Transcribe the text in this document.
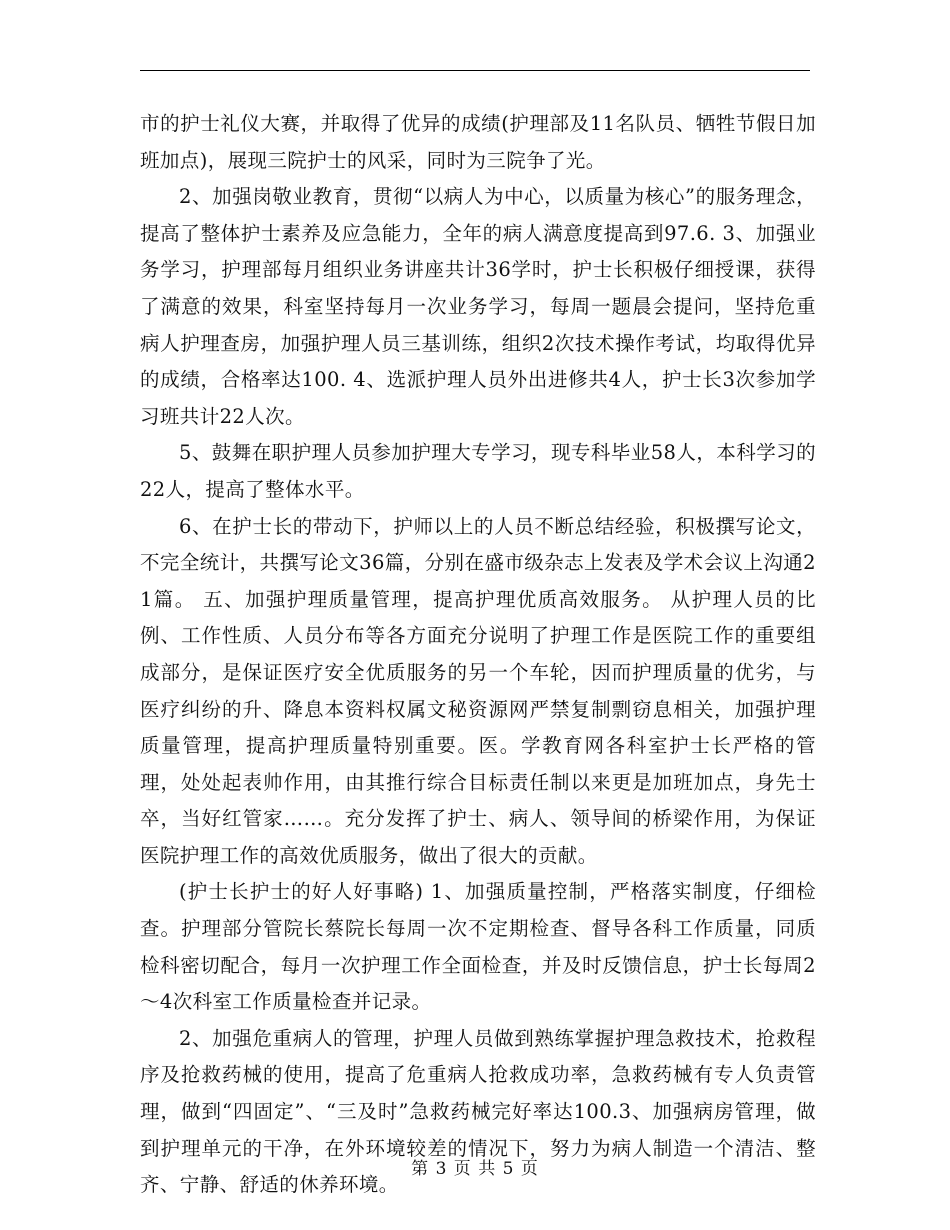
市的护士礼仪大赛，并取得了优异的成绩(护理部及11名队员、牺牲节假日加班加点)，展现三院护士的风采，同时为三院争了光。

2、加强岗敬业教育，贯彻“以病人为中心，以质量为核心”的服务理念，提高了整体护士素养及应急能力，全年的病人满意度提高到97.6. 3、加强业务学习，护理部每月组织业务讲座共计36学时，护士长积极仔细授课，获得了满意的效果，科室坚持每月一次业务学习，每周一题晨会提问，坚持危重病人护理查房，加强护理人员三基训练，组织2次技术操作考试，均取得优异的成绩，合格率达100. 4、选派护理人员外出进修共4人，护士长3次参加学习班共计22人次。

5、鼓舞在职护理人员参加护理大专学习，现专科毕业58人，本科学习的22人，提高了整体水平。

6、在护士长的带动下，护师以上的人员不断总结经验，积极撰写论文，不完全统计，共撰写论文36篇，分别在盛市级杂志上发表及学术会议上沟通21篇。 五、加强护理质量管理，提高护理优质高效服务。 从护理人员的比例、工作性质、人员分布等各方面充分说明了护理工作是医院工作的重要组成部分，是保证医疗安全优质服务的另一个车轮，因而护理质量的优劣，与医疗纠纷的升、降息本资料权属文秘资源网严禁复制剽窃息相关，加强护理质量管理，提高护理质量特别重要。医。学教育网各科室护士长严格的管理，处处起表帅作用，由其推行综合目标责任制以来更是加班加点，身先士卒，当好红管家……。充分发挥了护士、病人、领导间的桥梁作用，为保证医院护理工作的高效优质服务，做出了很大的贡献。

(护士长护士的好人好事略) 1、加强质量控制，严格落实制度，仔细检查。护理部分管院长蔡院长每周一次不定期检查、督导各科工作质量，同质检科密切配合，每月一次护理工作全面检查，并及时反馈信息，护士长每周2～4次科室工作质量检查并记录。

2、加强危重病人的管理，护理人员做到熟练掌握护理急救技术，抢救程序及抢救药械的使用，提高了危重病人抢救成功率，急救药械有专人负责管理，做到“四固定”、“三及时”急救药械完好率达100.3、加强病房管理，做到护理单元的干净，在外环境较差的情况下，努力为病人制造一个清洁、整齐、宁静、舒适的休养环境。

第 3 页 共 5 页
